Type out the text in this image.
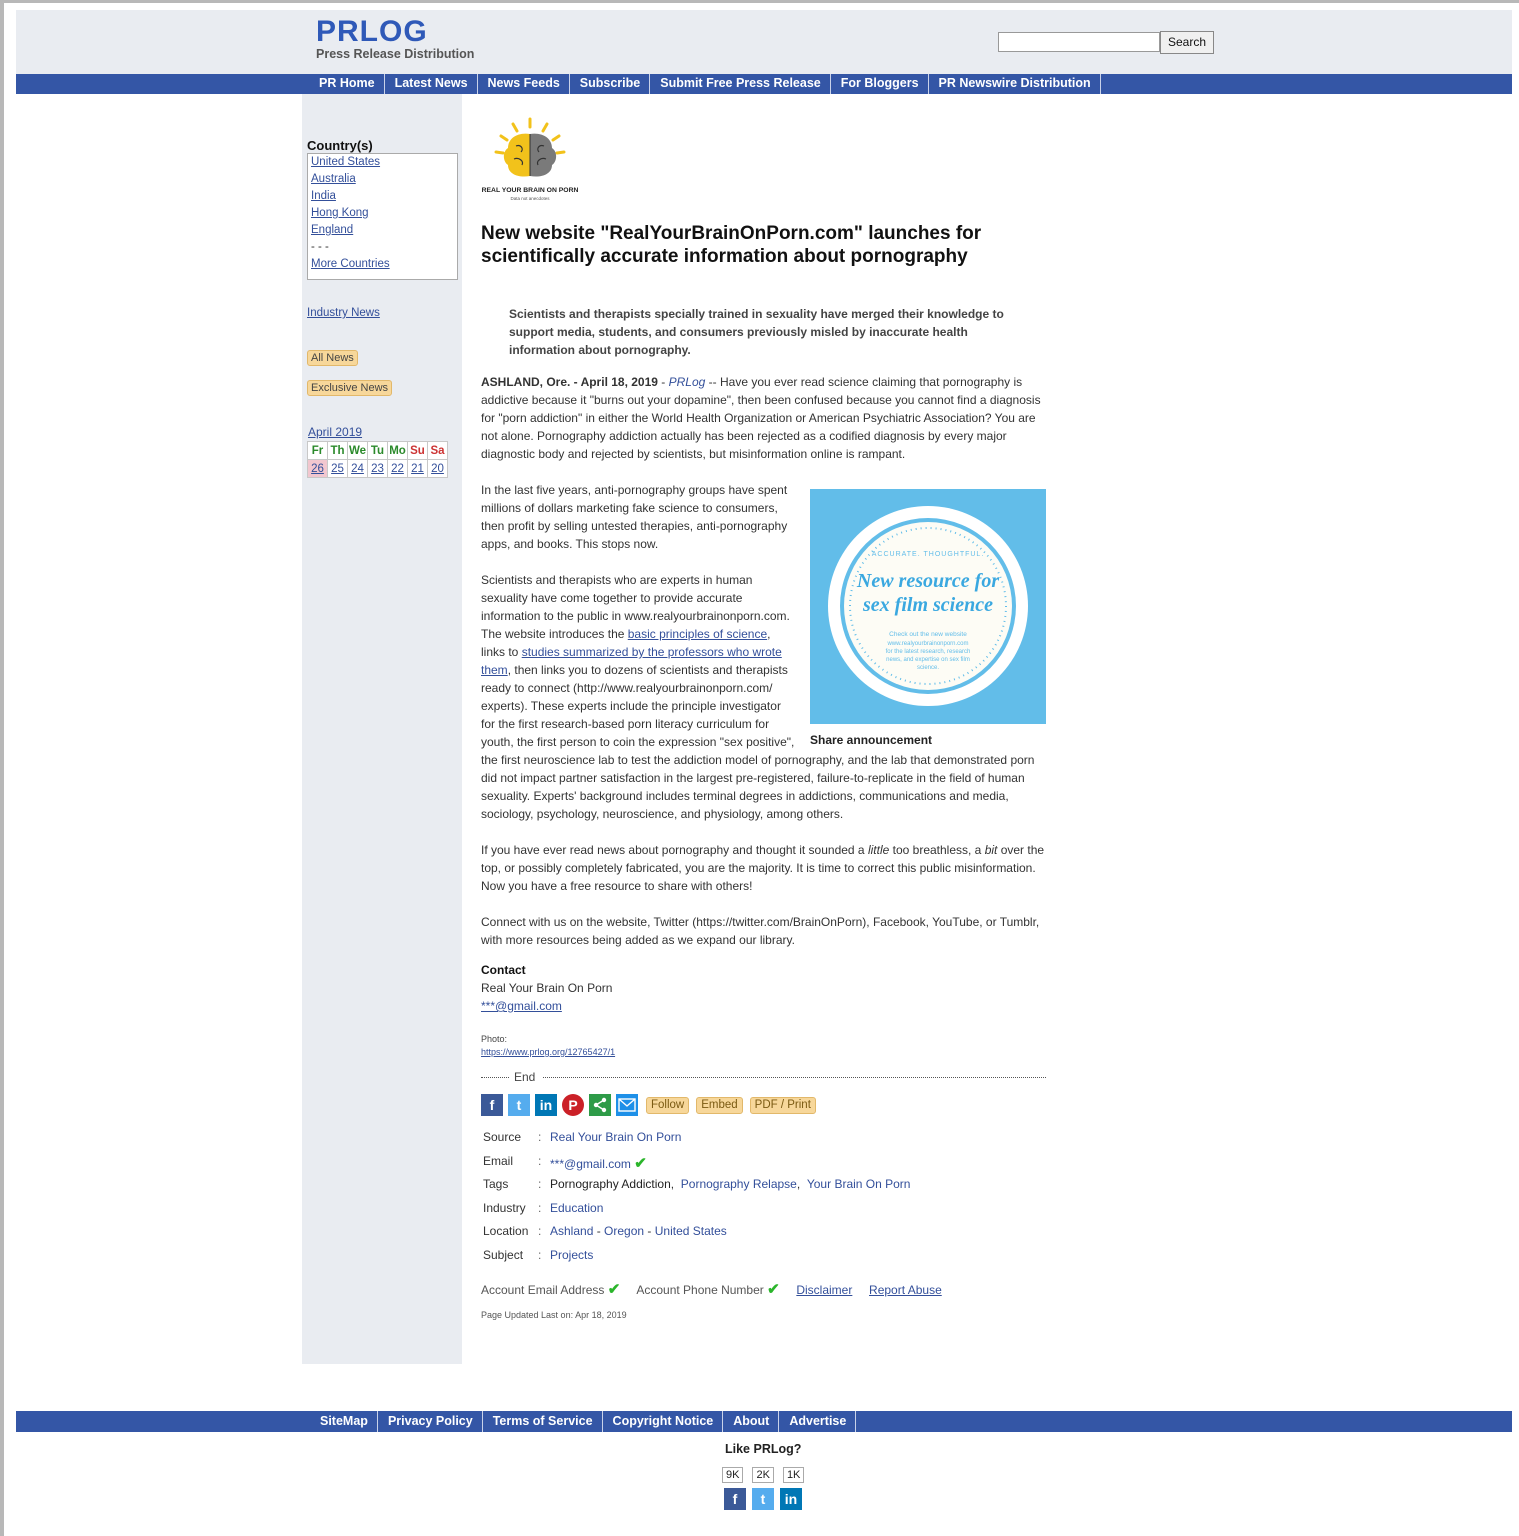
PRLOG
Press Release Distribution
Search
PR Home	Latest News	News Feeds	Subscribe	Submit Free Press Release	For Bloggers	PR Newswire Distribution
Country(s)
United States
Australia
India
Hong Kong
England
- - -
More Countries
Industry News
All News
Exclusive News
April 2019
Fr	Th	We	Tu	Mo	Su	Sa
26	25	24	23	22	21	20
REAL YOUR BRAIN ON PORN
Data not anecdotes
New website "RealYourBrainOnPorn.com" launches for scientifically accurate information about pornography
Scientists and therapists specially trained in sexuality have merged their knowledge to support media, students, and consumers previously misled by inaccurate health information about pornography.

ASHLAND, Ore. - April 18, 2019 - PRLog -- Have you ever read science claiming that pornography is addictive because it "burns out your dopamine", then been confused because you cannot find a diagnosis for "porn addiction" in either the World Health Organization or American Psychiatric Association? You are not alone. Pornography addiction actually has been rejected as a codified diagnosis by every major diagnostic body and rejected by scientists, but misinformation online is rampant.

ACCURATE. THOUGHTFUL.
New resource for
sex film science
Check out the new website
www.realyourbrainonporn.com
for the latest research, research
news, and expertise on sex film
science.
Share announcement

In the last five years, anti-pornography groups have spent millions of dollars marketing fake science to consumers, then profit by selling untested therapies, anti-pornography apps, and books. This stops now.

Scientists and therapists who are experts in human sexuality have come together to provide accurate information to the public in www.realyourbrainonporn.com. The website introduces the basic principles of science, links to studies summarized by the professors who wrote them, then links you to dozens of scientists and therapists ready to connect (http://www.realyourbrainonporn.com/ experts). These experts include the principle investigator for the first research-based porn literacy curriculum for youth, the first person to coin the expression "sex positive", the first neuroscience lab to test the addiction model of pornography, and the lab that demonstrated porn did not impact partner satisfaction in the largest pre-registered, failure-to-replicate in the field of human sexuality. Experts' background includes terminal degrees in addictions, communications and media, sociology, psychology, neuroscience, and physiology, among others.

If you have ever read news about pornography and thought it sounded a little too breathless, a bit over the top, or possibly completely fabricated, you are the majority. It is time to correct this public misinformation. Now you have a free resource to share with others!

Connect with us on the website, Twitter (https://twitter.com/BrainOnPorn), Facebook, YouTube, or Tumblr, with more resources being added as we expand our library.

Contact
Real Your Brain On Porn
***@gmail.com
Photo:
https://www.prlog.org/12765427/1
End
f	t	in	P	Follow	Embed	PDF / Print
Source	:	Real Your Brain On Porn
Email	:	***@gmail.com ✔
Tags	:	Pornography Addiction,  Pornography Relapse,  Your Brain On Porn
Industry	:	Education
Location	:	Ashland - Oregon - United States
Subject	:	Projects
Account Email Address ✔ Account Phone Number ✔ Disclaimer Report Abuse
Page Updated Last on: Apr 18, 2019
SiteMap	Privacy Policy	Terms of Service	Copyright Notice	About	Advertise
Like PRLog?
9K	2K	1K
f	t	in
